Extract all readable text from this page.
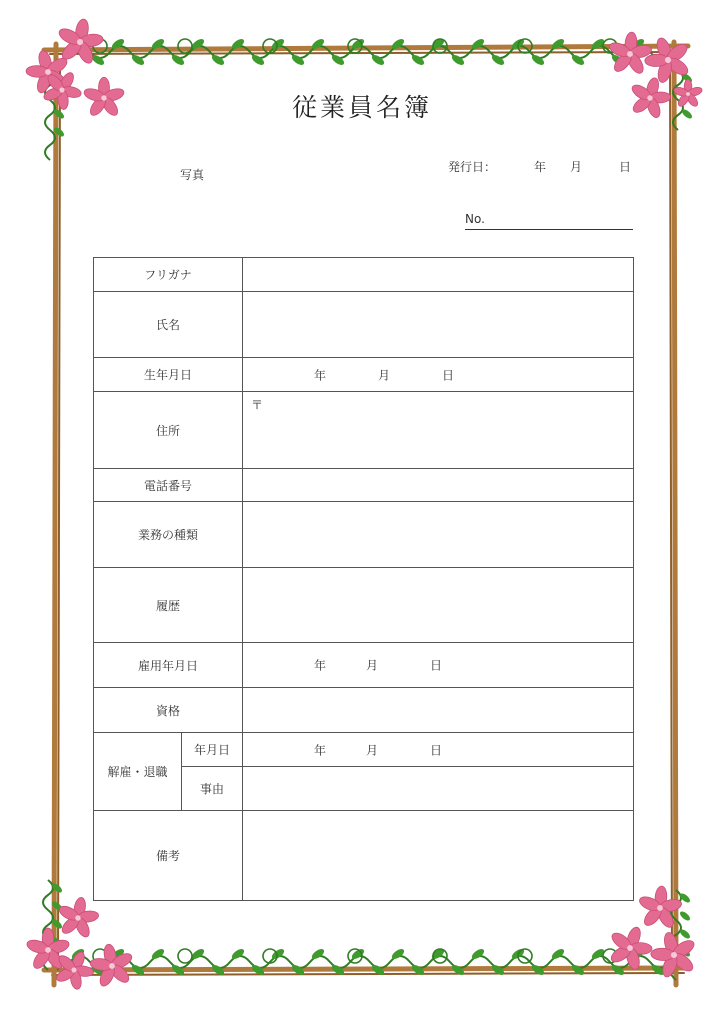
従業員名簿
写真
発行日：	年 月	日
No.
フリガナ		
氏名		
生年月日		年 月 日

住所		〒

電話番号		
業務の種類		
履歴		
雇用年月日		年 月 日

資格		
解雇・退職	年月日	年 月 日

	事由	
備考		
